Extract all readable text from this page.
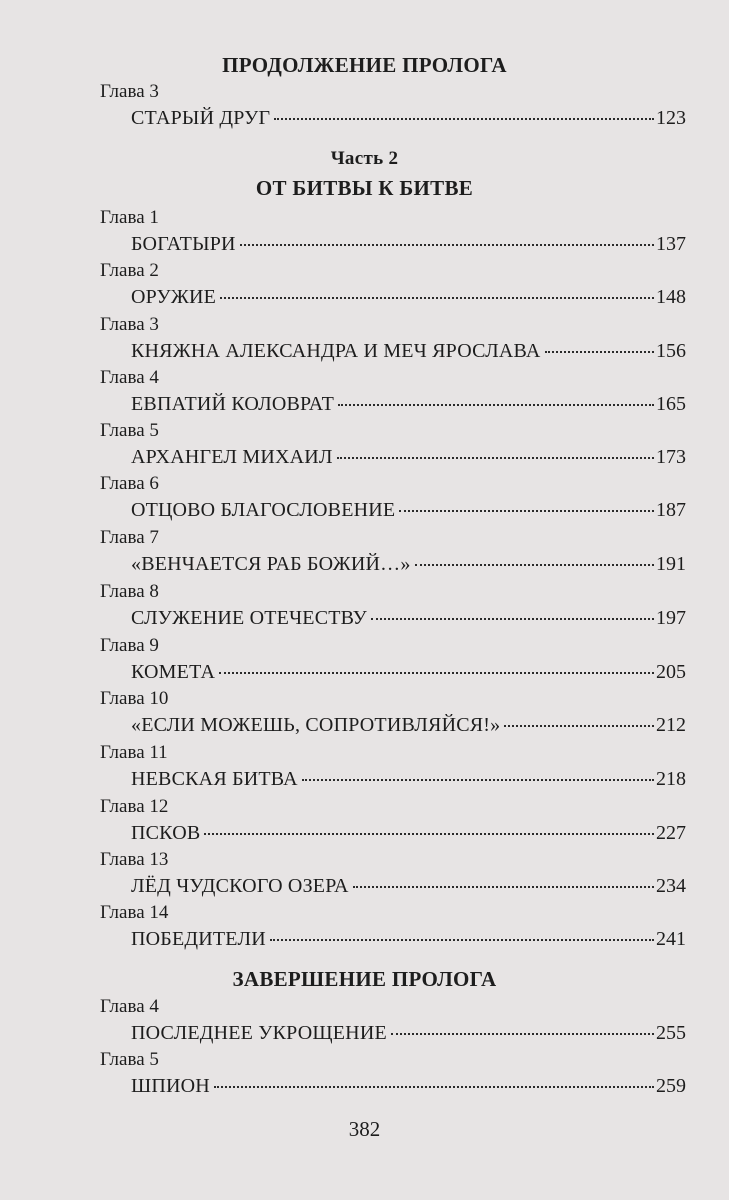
ПРОДОЛЖЕНИЕ ПРОЛОГА
Глава 3
СТАРЫЙ ДРУГ	123
Часть 2
ОТ БИТВЫ К БИТВЕ
Глава 1
БОГАТЫРИ	137
Глава 2
ОРУЖИЕ	148
Глава 3
КНЯЖНА АЛЕКСАНДРА И МЕЧ ЯРОСЛАВА	156
Глава 4
ЕВПАТИЙ КОЛОВРАТ	165
Глава 5
АРХАНГЕЛ МИХАИЛ	173
Глава 6
ОТЦОВО БЛАГОСЛОВЕНИЕ	187
Глава 7
«ВЕНЧАЕТСЯ РАБ БОЖИЙ…»	191
Глава 8
СЛУЖЕНИЕ ОТЕЧЕСТВУ	197
Глава 9
КОМЕТА	205
Глава 10
«ЕСЛИ МОЖЕШЬ, СОПРОТИВЛЯЙСЯ!»	212
Глава 11
НЕВСКАЯ БИТВА	218
Глава 12
ПСКОВ	227
Глава 13
ЛЁД ЧУДСКОГО ОЗЕРА	234
Глава 14
ПОБЕДИТЕЛИ	241
ЗАВЕРШЕНИЕ ПРОЛОГА
Глава 4
ПОСЛЕДНЕЕ УКРОЩЕНИЕ	255
Глава 5
ШПИОН	259
382
